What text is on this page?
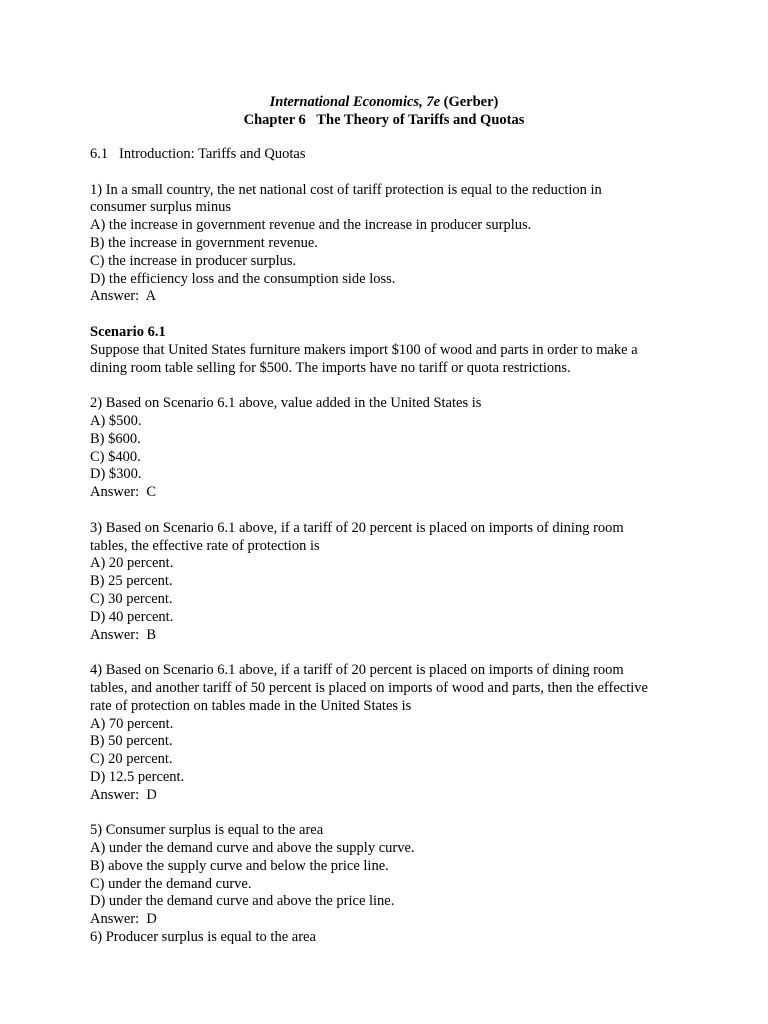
International Economics, 7e (Gerber)
Chapter 6   The Theory of Tariffs and Quotas

6.1   Introduction: Tariffs and Quotas

1) In a small country, the net national cost of tariff protection is equal to the reduction in

consumer surplus minus

A) the increase in government revenue and the increase in producer surplus.

B) the increase in government revenue.

C) the increase in producer surplus.

D) the efficiency loss and the consumption side loss.

Answer:  A

Scenario 6.1

Suppose that United States furniture makers import $100 of wood and parts in order to make a

dining room table selling for $500. The imports have no tariff or quota restrictions.

2) Based on Scenario 6.1 above, value added in the United States is

A) $500.

B) $600.

C) $400.

D) $300.

Answer:  C

3) Based on Scenario 6.1 above, if a tariff of 20 percent is placed on imports of dining room

tables, the effective rate of protection is

A) 20 percent.

B) 25 percent.

C) 30 percent.

D) 40 percent.

Answer:  B

4) Based on Scenario 6.1 above, if a tariff of 20 percent is placed on imports of dining room

tables, and another tariff of 50 percent is placed on imports of wood and parts, then the effective

rate of protection on tables made in the United States is

A) 70 percent.

B) 50 percent.

C) 20 percent.

D) 12.5 percent.

Answer:  D

5) Consumer surplus is equal to the area

A) under the demand curve and above the supply curve.

B) above the supply curve and below the price line.

C) under the demand curve.

D) under the demand curve and above the price line.

Answer:  D

6) Producer surplus is equal to the area
